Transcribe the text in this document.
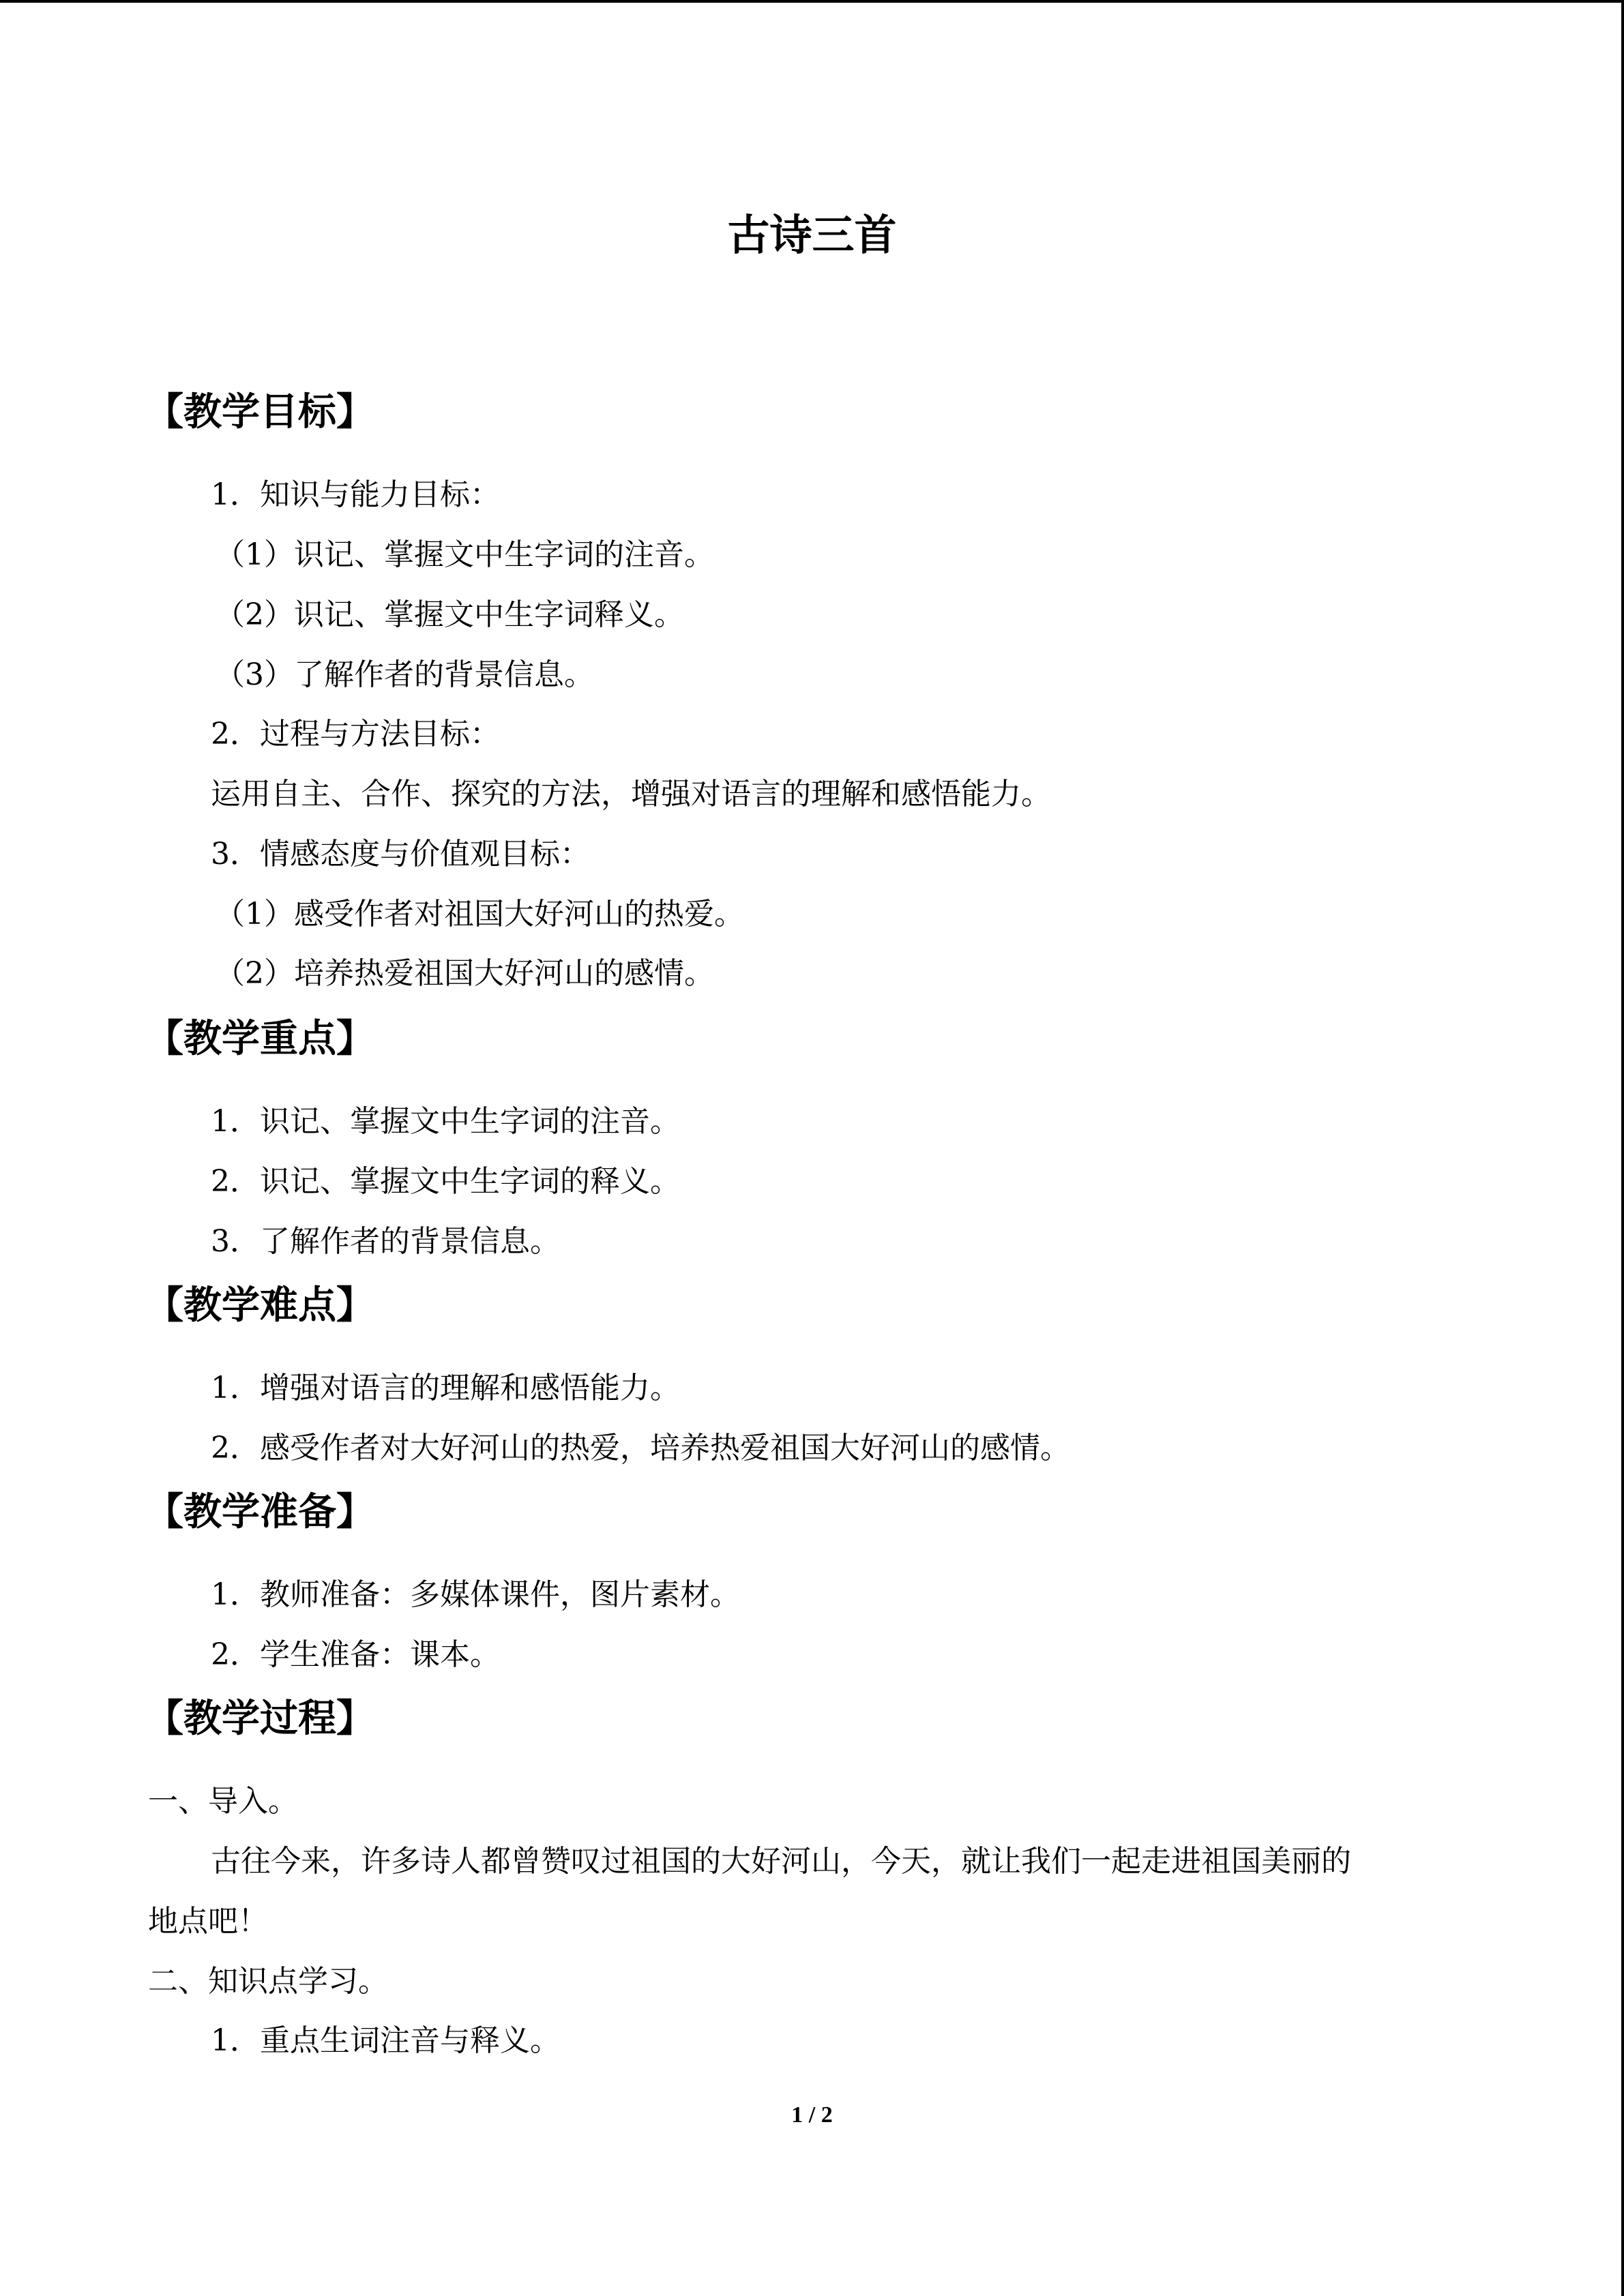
古诗三首
【教学目标】
1．知识与能力目标：
（1）识记、掌握文中生字词的注音。
（2）识记、掌握文中生字词释义。
（3）了解作者的背景信息。
2．过程与方法目标：
运用自主、合作、探究的方法，增强对语言的理解和感悟能力。
3．情感态度与价值观目标：
（1）感受作者对祖国大好河山的热爱。
（2）培养热爱祖国大好河山的感情。
【教学重点】
1．识记、掌握文中生字词的注音。
2．识记、掌握文中生字词的释义。
3．了解作者的背景信息。
【教学难点】
1．增强对语言的理解和感悟能力。
2．感受作者对大好河山的热爱，培养热爱祖国大好河山的感情。
【教学准备】
1．教师准备：多媒体课件，图片素材。
2．学生准备：课本。
【教学过程】
一、导入。
古往今来，许多诗人都曾赞叹过祖国的大好河山，今天，就让我们一起走进祖国美丽的
地点吧！
二、知识点学习。
1．重点生词注音与释义。
1 / 2
